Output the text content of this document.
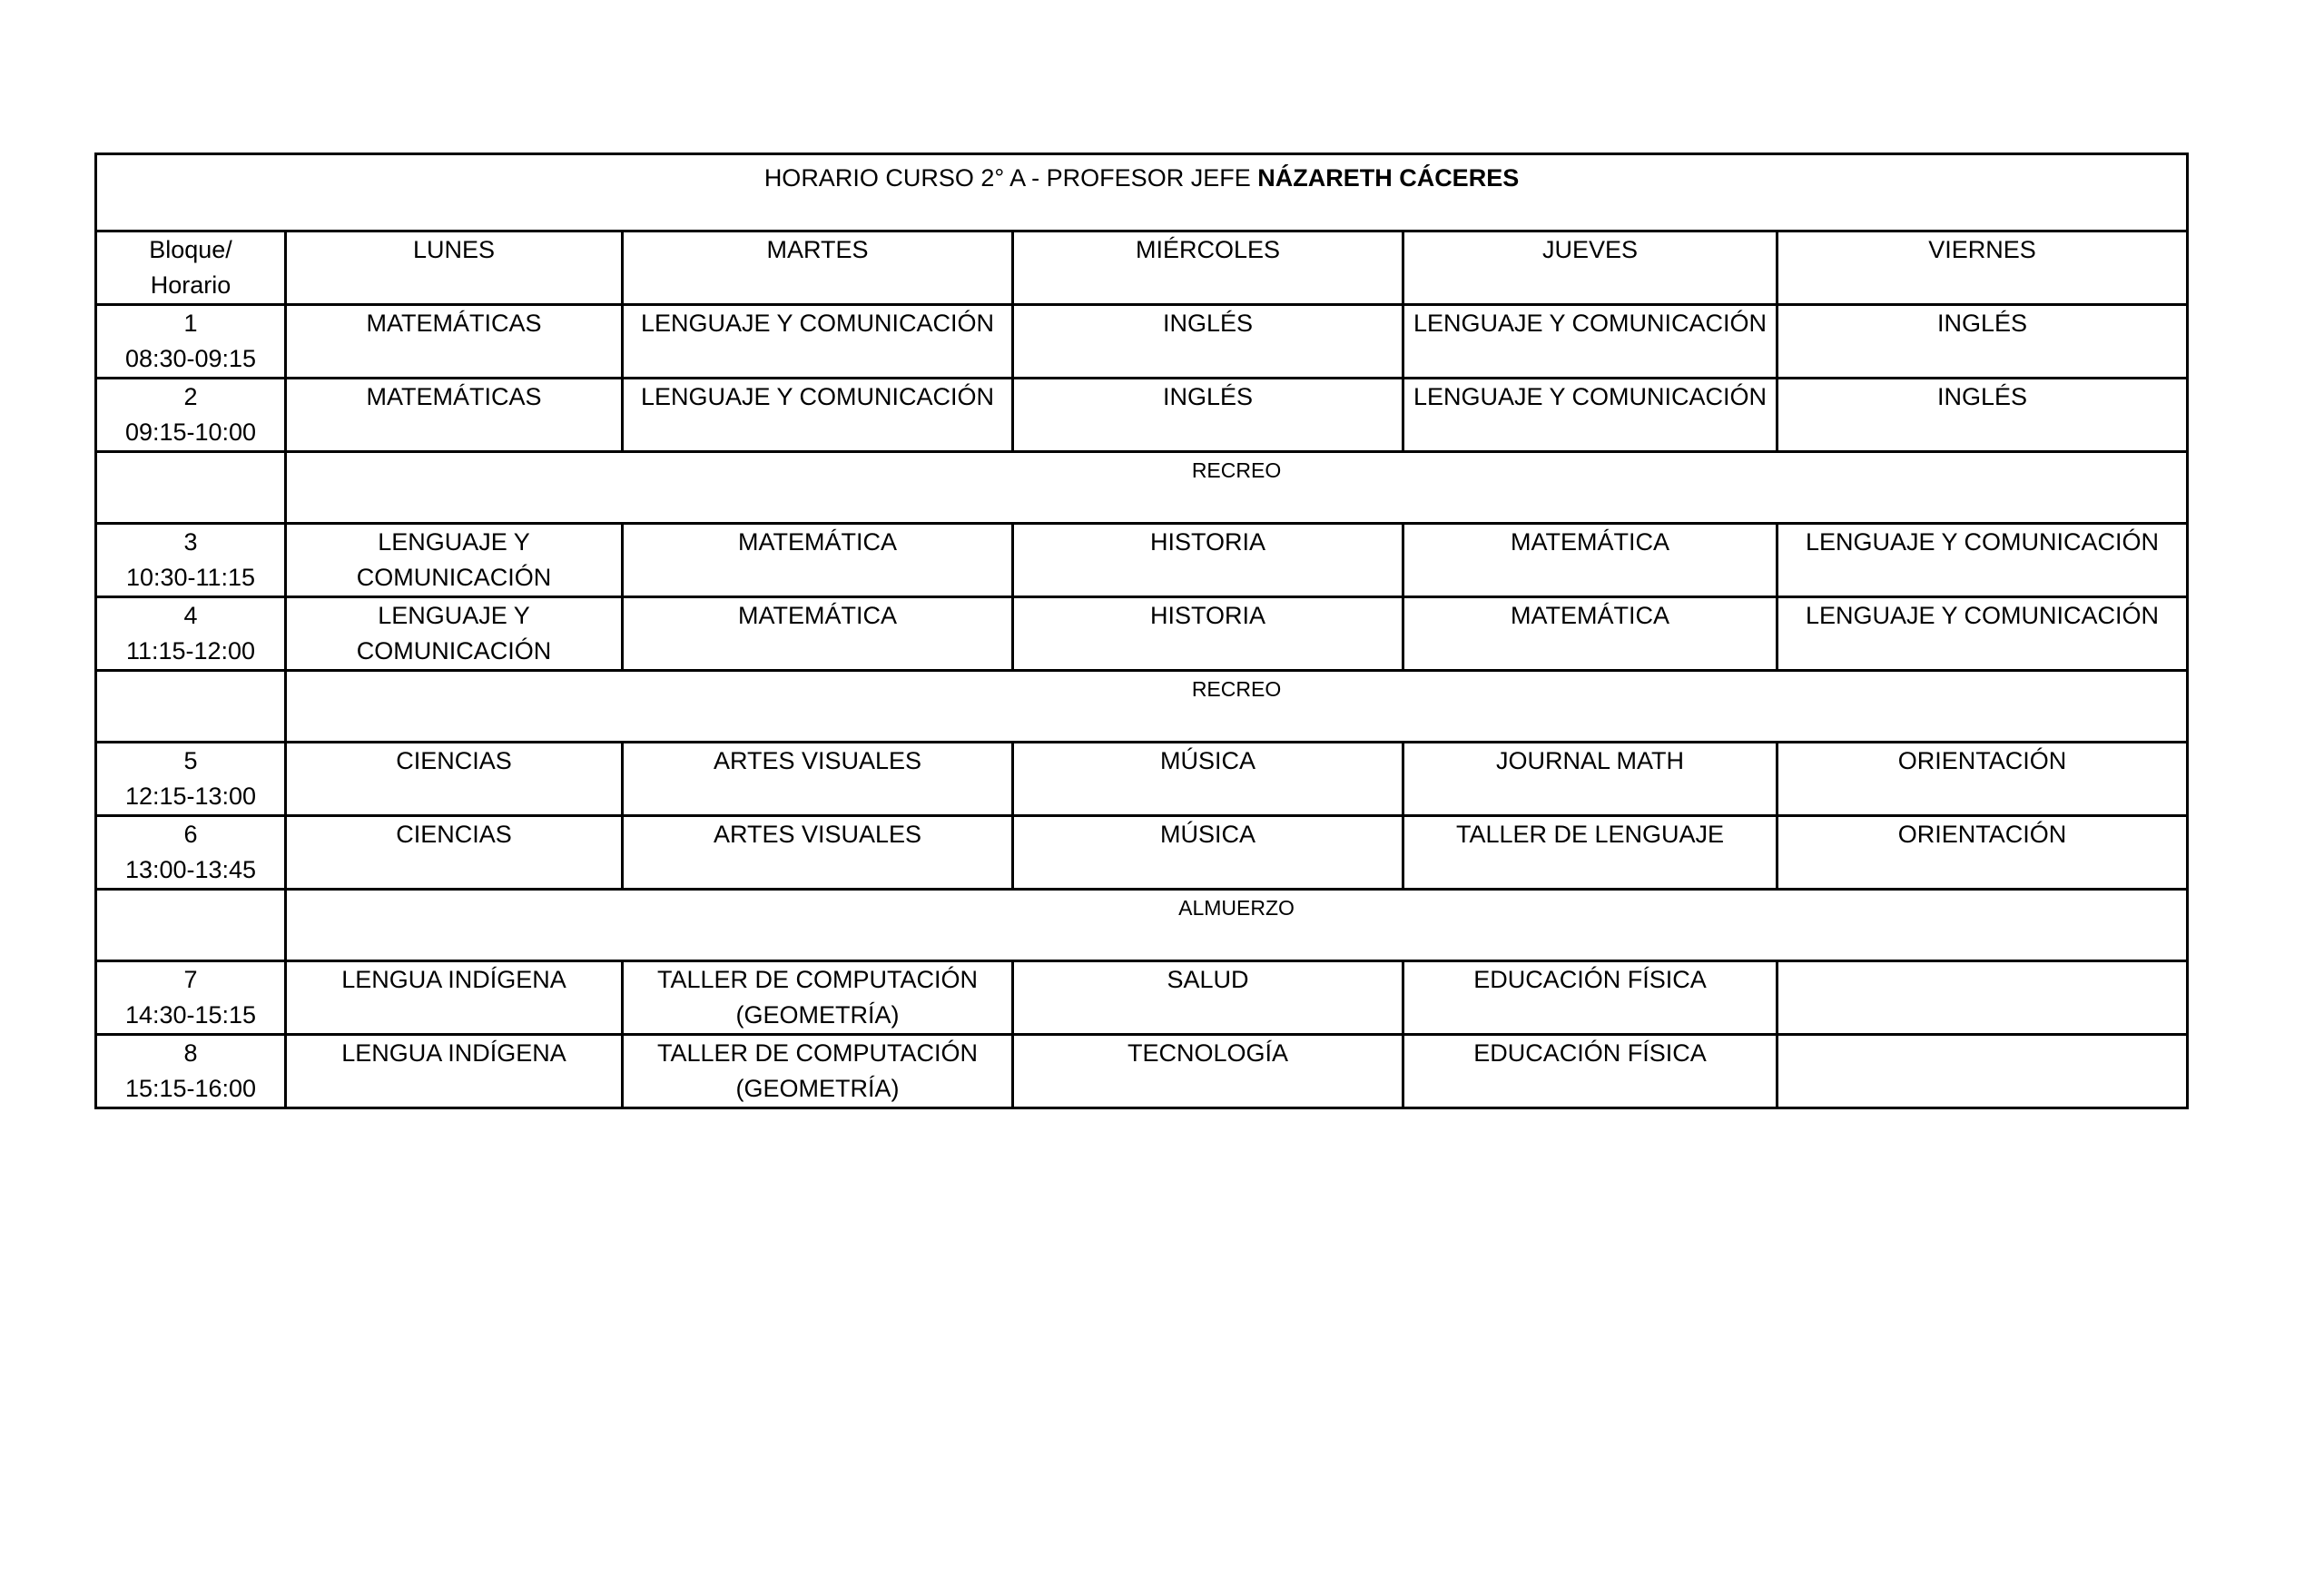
HORARIO CURSO 2° A - PROFESOR JEFE NÁZARETH CÁCERES					

Bloque/
Horario	LUNES	MARTES	MIÉRCOLES	JUEVES	VIERNES

1
08:30-09:15	MATEMÁTICAS	LENGUAJE Y COMUNICACIÓN	INGLÉS	LENGUAJE Y COMUNICACIÓN	INGLÉS

2
09:15-10:00	MATEMÁTICAS	LENGUAJE Y COMUNICACIÓN	INGLÉS	LENGUAJE Y COMUNICACIÓN	INGLÉS
	RECREO				

3
10:30-11:15	LENGUAJE Y COMUNICACIÓN	MATEMÁTICA	HISTORIA	MATEMÁTICA	LENGUAJE Y COMUNICACIÓN

4
11:15-12:00	LENGUAJE Y COMUNICACIÓN	MATEMÁTICA	HISTORIA	MATEMÁTICA	LENGUAJE Y COMUNICACIÓN
	RECREO				

5
12:15-13:00	CIENCIAS	ARTES VISUALES	MÚSICA	JOURNAL MATH	ORIENTACIÓN

6
13:00-13:45	CIENCIAS	ARTES VISUALES	MÚSICA	TALLER DE LENGUAJE	ORIENTACIÓN
	ALMUERZO				

7
14:30-15:15	LENGUA INDÍGENA	TALLER DE COMPUTACIÓN (GEOMETRÍA)	SALUD	EDUCACIÓN FÍSICA	

8
15:15-16:00	LENGUA INDÍGENA	TALLER DE COMPUTACIÓN (GEOMETRÍA)	TECNOLOGÍA	EDUCACIÓN FÍSICA	
